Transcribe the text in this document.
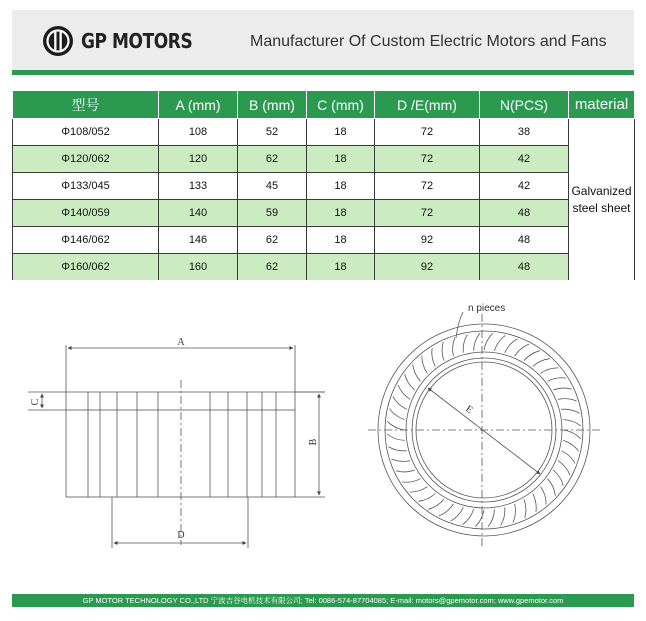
GP MOTORS	Manufacturer Of Custom Electric Motors and Fans
型号	A (mm)	B (mm)	C (mm)	D /E(mm)	N(PCS)	material
Φ108/052	108	52	18	72	38	Galvanized
steel sheet
Φ120/062	120	62	18	72	42	
Φ133/045	133	45	18	72	42	
Φ140/059	140	59	18	72	48	
Φ146/062	146	62	18	92	48	
Φ160/062	160	62	18	92	48	
A
C
B
D
E
n pieces
GP MOTOR TECHNOLOGY CO.,LTD 宁波吉谷电机技术有限公司; Tel: 0086-574-87704085; E-mail: motors@gpemotor.com; www.gpemotor.com
